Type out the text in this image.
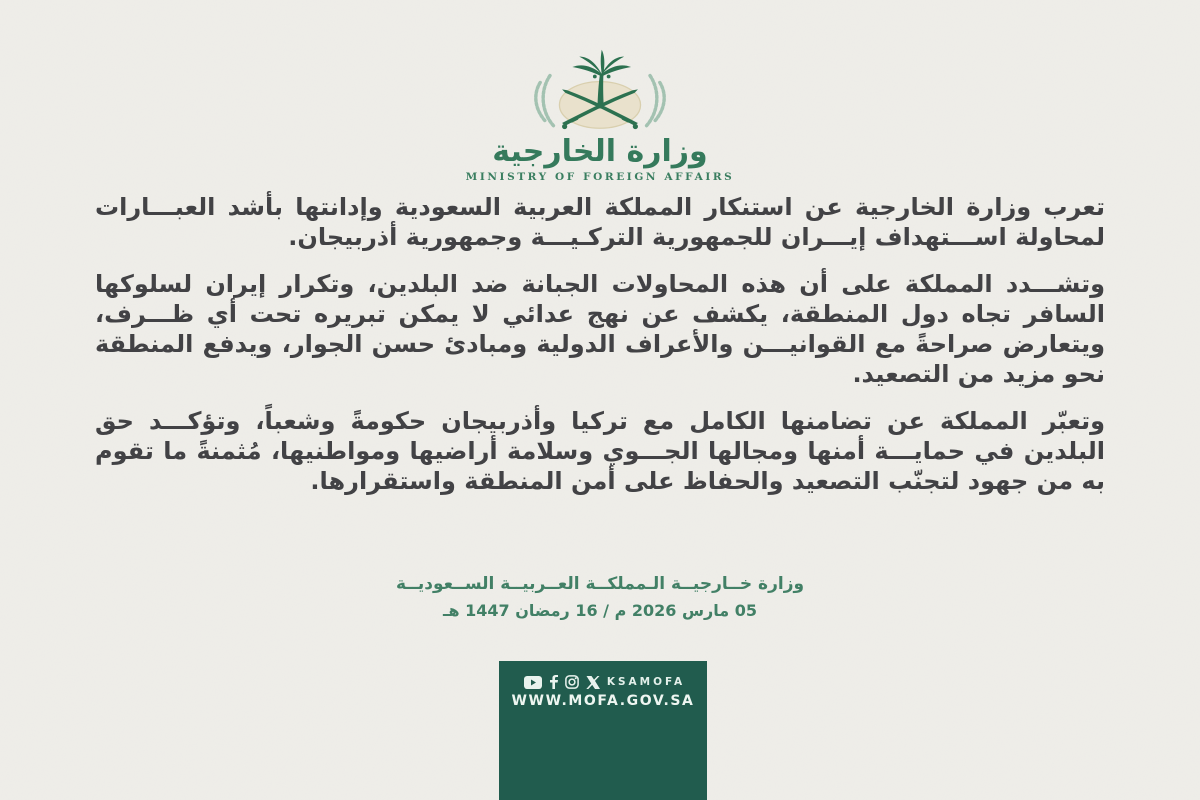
وزارة الخارجية
MINISTRY OF FOREIGN AFFAIRS

تعرب وزارة الخارجية عن استنكار المملكة العربية السعودية وإدانتها بأشد العبـــارات لمحاولة اســـتهداف إيـــران للجمهورية التركـيـــة وجمهورية أذربيجان.

وتشـــدد المملكة على أن هذه المحاولات الجبانة ضد البلدين، وتكرار إيران لسلوكها السافر تجاه دول المنطقة، يكشف عن نهج عدائي لا يمكن تبريره تحت أي ظـــرف، ويتعارض صراحةً مع القوانيـــن والأعراف الدولية ومبادئ حسن الجوار، ويدفع المنطقة نحو مزيد من التصعيد.

وتعبّر المملكة عن تضامنها الكامل مع تركيا وأذربيجان حكومةً وشعباً، وتؤكـــد حق البلدين في حمايـــة أمنها ومجالها الجـــوي وسلامة أراضيها ومواطنيها، مُثمنةً ما تقوم به من جهود لتجنّب التصعيد والحفاظ على أمن المنطقة واستقرارها.

وزارة خــارجيــة الـمملكــة العــربيــة الســعوديــة
05 مارس 2026 م / 16 رمضان 1447 هـ
KSAMOFA
WWW.MOFA.GOV.SA
